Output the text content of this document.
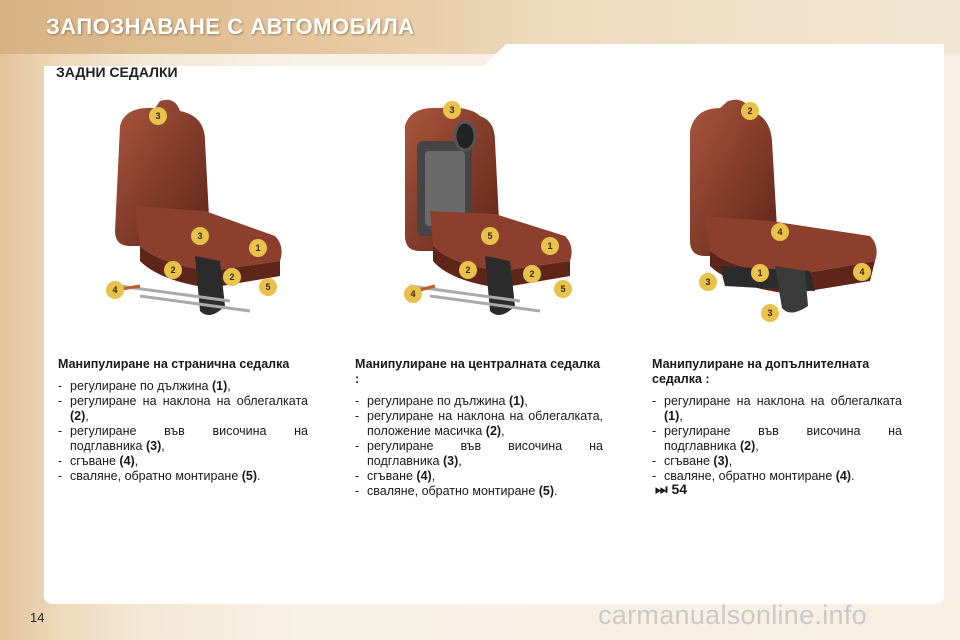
ЗАПОЗНАВАНЕ С АВТОМОБИЛА
ЗАДНИ СЕДАЛКИ
3
3
1
2
2
4	5
3
5
1
2	2
4	5
2
4
1
3
3
4
Манипулиране на странична седалка
- регулиране по дължина (1),
- регулиране на наклона на облегалката (2),
- регулиране във височина на подглавника (3),
- сгъване (4),
- сваляне, обратно монтиране (5).
Манипулиране на централната седалка :
- регулиране по дължина (1),
- регулиране на наклона на облегалката, положение масичка (2),
- регулиране във височина на подглавника (3),
- сгъване (4),
- сваляне, обратно монтиране (5).
Манипулиране на допълнителната седалка :
- регулиране на наклона на облегалката (1),
- регулиране във височина на подглавника (2),
- сгъване (3),
- сваляне, обратно монтиране (4).
⏭ 54
14	carmanualsonline.info
